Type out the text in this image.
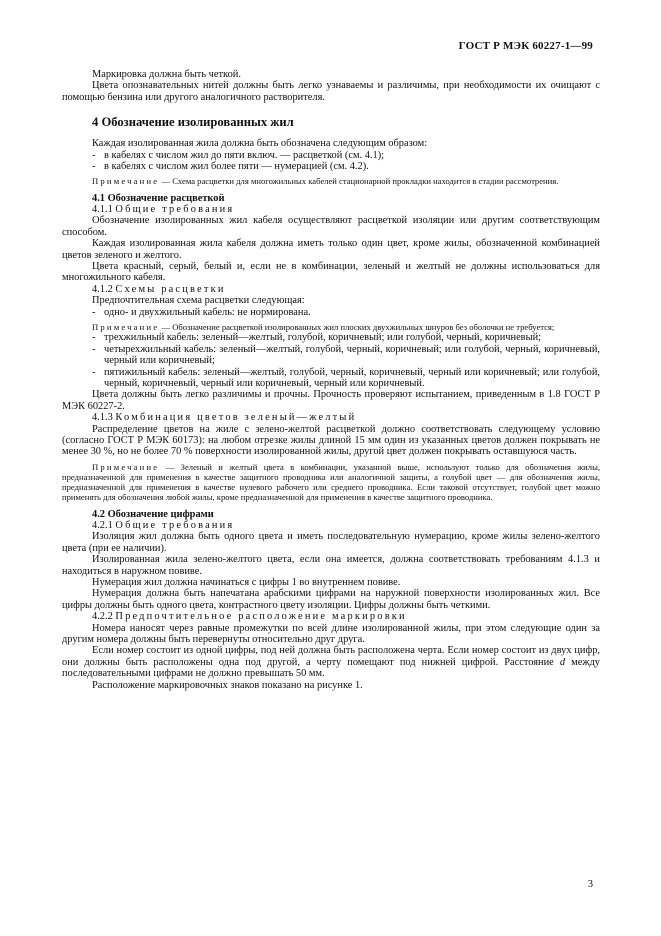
ГОСТ Р МЭК 60227-1—99

Маркировка должна быть четкой.

Цвета опознавательных нитей должны быть легко узнаваемы и различимы, при необходимости их очищают с помощью бензина или другого аналогичного растворителя.

4 Обозначение изолированных жил

Каждая изолированная жила должна быть обозначена следующим образом:

- в кабелях с числом жил до пяти включ. — расцветкой (см. 4.1);
- в кабелях с числом жил более пяти — нумерацией (см. 4.2).

Примечание — Схема расцветки для многожильных кабелей стационарной прокладки находится в стадии рассмотрения.

4.1 Обозначение расцветкой

4.1.1 Общие требования

Обозначение изолированных жил кабеля осуществляют расцветкой изоляции или другим соответствующим способом.

Каждая изолированная жила кабеля должна иметь только один цвет, кроме жилы, обозначенной комбинацией цветов зеленого и желтого.

Цвета красный, серый, белый и, если не в комбинации, зеленый и желтый не должны использоваться для многожильного кабеля.

4.1.2 Схемы расцветки

Предпочтительная схема расцветки следующая:

- одно- и двухжильный кабель: не нормирована.

Примечание — Обозначение расцветкой изолированных жил плоских двухжильных шнуров без оболочки не требуется;

- трехжильный кабель: зеленый—желтый, голубой, коричневый; или голубой, черный, коричневый;
- четырехжильный кабель: зеленый—желтый, голубой, черный, коричневый; или голубой, черный, коричневый, черный или коричневый;
- пятижильный кабель: зеленый—желтый, голубой, черный, коричневый, черный или коричневый; или голубой, черный, коричневый, черный или коричневый, черный или коричневый.

Цвета должны быть легко различимы и прочны. Прочность проверяют испытанием, приведенным в 1.8 ГОСТ Р МЭК 60227-2.

4.1.3 Комбинация цветов зеленый—желтый

Распределение цветов на жиле с зелено-желтой расцветкой должно соответствовать следующему условию (согласно ГОСТ Р МЭК 60173): на любом отрезке жилы длиной 15 мм один из указанных цветов должен покрывать не менее 30 %, но не более 70 % поверхности изолированной жилы, другой цвет должен покрывать оставшуюся часть.

Примечание — Зеленый и желтый цвета в комбинации, указанной выше, используют только для обозначения жилы, предназначенной для применения в качестве защитного проводника или аналогичной защиты, а голубой цвет — для обозначения жилы, предназначенной для применения в качестве нулевого рабочего или среднего проводника. Если таковой отсутствует, голубой цвет можно применять для обозначения любой жилы, кроме предназначенной для применения в качестве защитного проводника.

4.2 Обозначение цифрами

4.2.1 Общие требования

Изоляция жил должна быть одного цвета и иметь последовательную нумерацию, кроме жилы зелено-желтого цвета (при ее наличии).

Изолированная жила зелено-желтого цвета, если она имеется, должна соответствовать требованиям 4.1.3 и находиться в наружном повиве.

Нумерация жил должна начинаться с цифры 1 во внутреннем повиве.

Нумерация должна быть напечатана арабскими цифрами на наружной поверхности изолированных жил. Все цифры должны быть одного цвета, контрастного цвету изоляции. Цифры должны быть четкими.

4.2.2 Предпочтительное расположение маркировки

Номера наносят через равные промежутки по всей длине изолированной жилы, при этом следующие один за другим номера должны быть перевернуты относительно друг друга.

Если номер состоит из одной цифры, под ней должна быть расположена черта. Если номер состоит из двух цифр, они должны быть расположены одна под другой, а черту помещают под нижней цифрой. Расстояние d между последовательными цифрами не должно превышать 50 мм.

Расположение маркировочных знаков показано на рисунке 1.

3
